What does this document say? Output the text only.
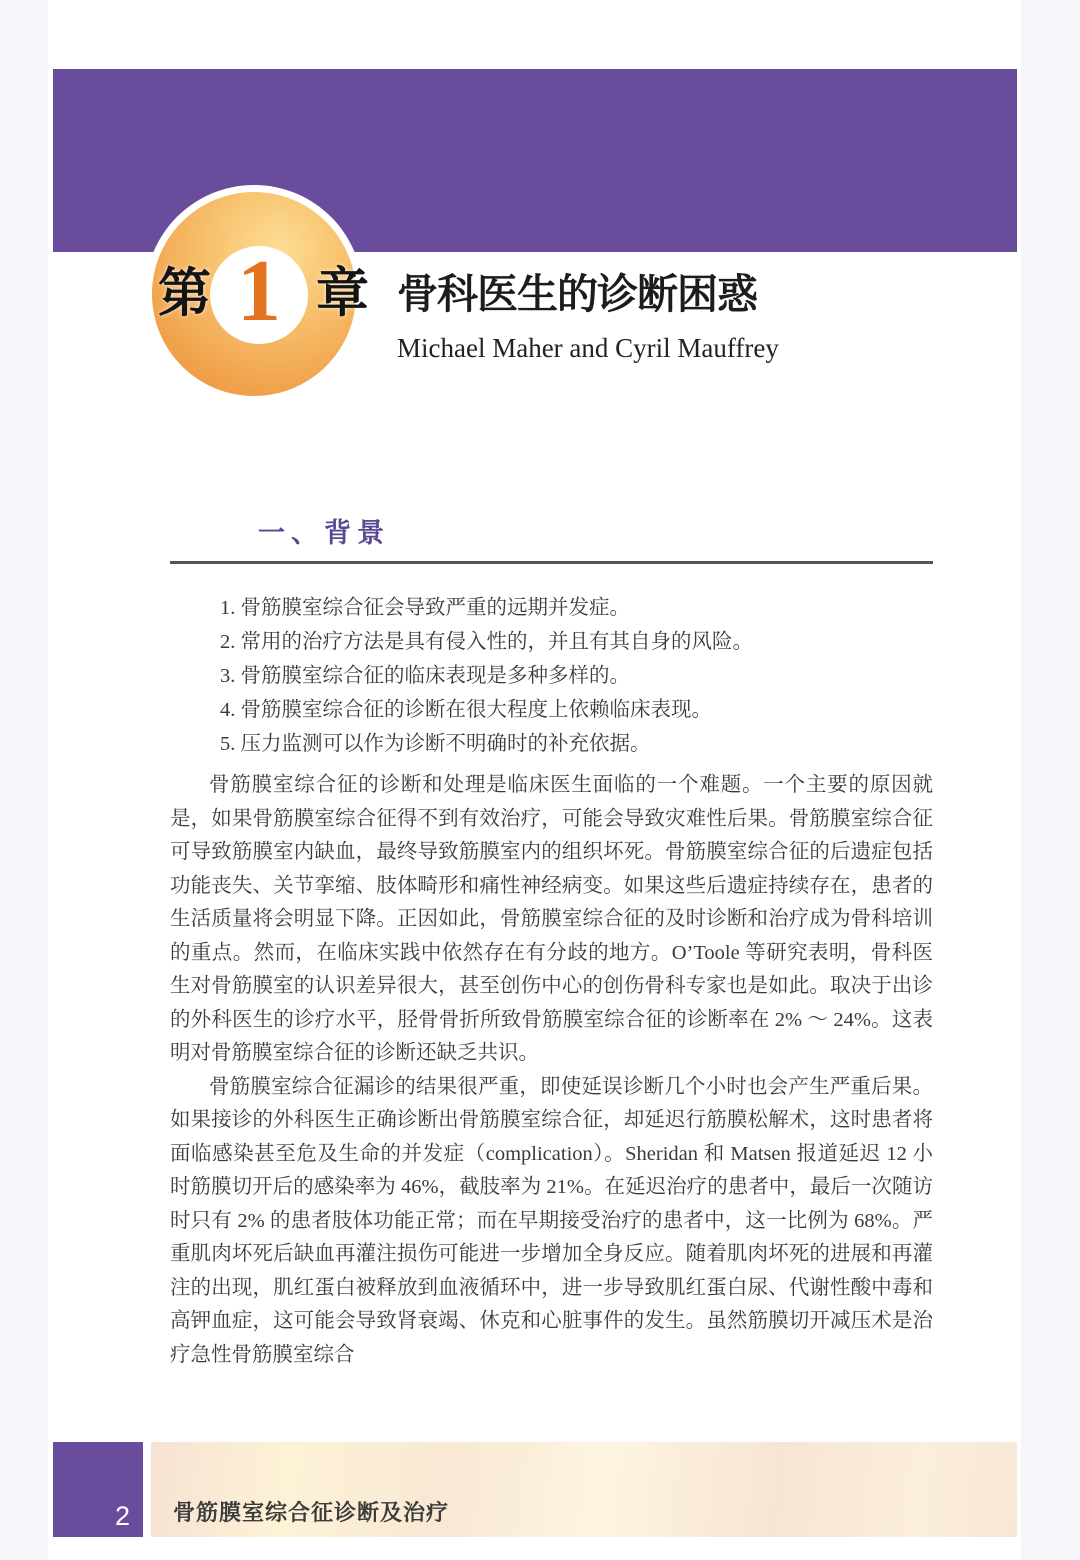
1
第 章 骨科医生的诊断困惑
Michael Maher and Cyril Mauffrey
一、背景
1. 骨筋膜室综合征会导致严重的远期并发症。
2. 常用的治疗方法是具有侵入性的，并且有其自身的风险。
3. 骨筋膜室综合征的临床表现是多种多样的。
4. 骨筋膜室综合征的诊断在很大程度上依赖临床表现。
5. 压力监测可以作为诊断不明确时的补充依据。

骨筋膜室综合征的诊断和处理是临床医生面临的一个难题。一个主要的原因就是，如果骨筋膜室综合征得不到有效治疗，可能会导致灾难性后果。骨筋膜室综合征可导致筋膜室内缺血，最终导致筋膜室内的组织坏死。骨筋膜室综合征的后遗症包括功能丧失、关节挛缩、肢体畸形和痛性神经病变。如果这些后遗症持续存在，患者的生活质量将会明显下降。正因如此，骨筋膜室综合征的及时诊断和治疗成为骨科培训的重点。然而，在临床实践中依然存在有分歧的地方。O’Toole 等研究表明，骨科医生对骨筋膜室的认识差异很大，甚至创伤中心的创伤骨科专家也是如此。取决于出诊的外科医生的诊疗水平，胫骨骨折所致骨筋膜室综合征的诊断率在 2% ～ 24%。这表明对骨筋膜室综合征的诊断还缺乏共识。

骨筋膜室综合征漏诊的结果很严重，即使延误诊断几个小时也会产生严重后果。如果接诊的外科医生正确诊断出骨筋膜室综合征，却延迟行筋膜松解术，这时患者将面临感染甚至危及生命的并发症（complication）。Sheridan 和 Matsen 报道延迟 12 小时筋膜切开后的感染率为 46%，截肢率为 21%。在延迟治疗的患者中，最后一次随访时只有 2% 的患者肢体功能正常；而在早期接受治疗的患者中，这一比例为 68%。严重肌肉坏死后缺血再灌注损伤可能进一步增加全身反应。随着肌肉坏死的进展和再灌注的出现，肌红蛋白被释放到血液循环中，进一步导致肌红蛋白尿、代谢性酸中毒和高钾血症，这可能会导致肾衰竭、休克和心脏事件的发生。虽然筋膜切开减压术是治疗急性骨筋膜室综合

2 骨筋膜室综合征诊断及治疗
